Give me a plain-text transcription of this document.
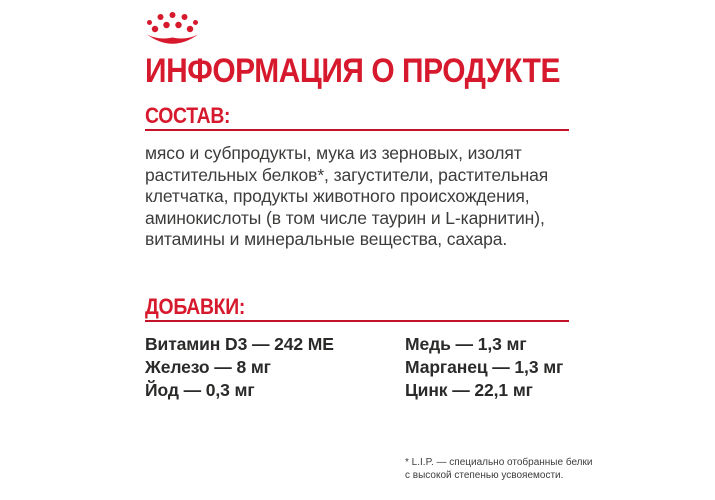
ИНФОРМАЦИЯ О ПРОДУКТЕ
СОСТАВ:
мясо и субпродукты, мука из зерновых, изолят
растительных белков*, загустители, растительная
клетчатка, продукты животного происхождения,
аминокислоты (в том числе таурин и L-карнитин),
витамины и минеральные вещества, сахара.
ДОБАВКИ:
Витамин D3 — 242 МЕ
Железо — 8 мг
Йод — 0,3 мг
Медь — 1,3 мг
Марганец — 1,3 мг
Цинк — 22,1 мг
* L.I.P. — специально отобранные белки
с высокой степенью усвояемости.
